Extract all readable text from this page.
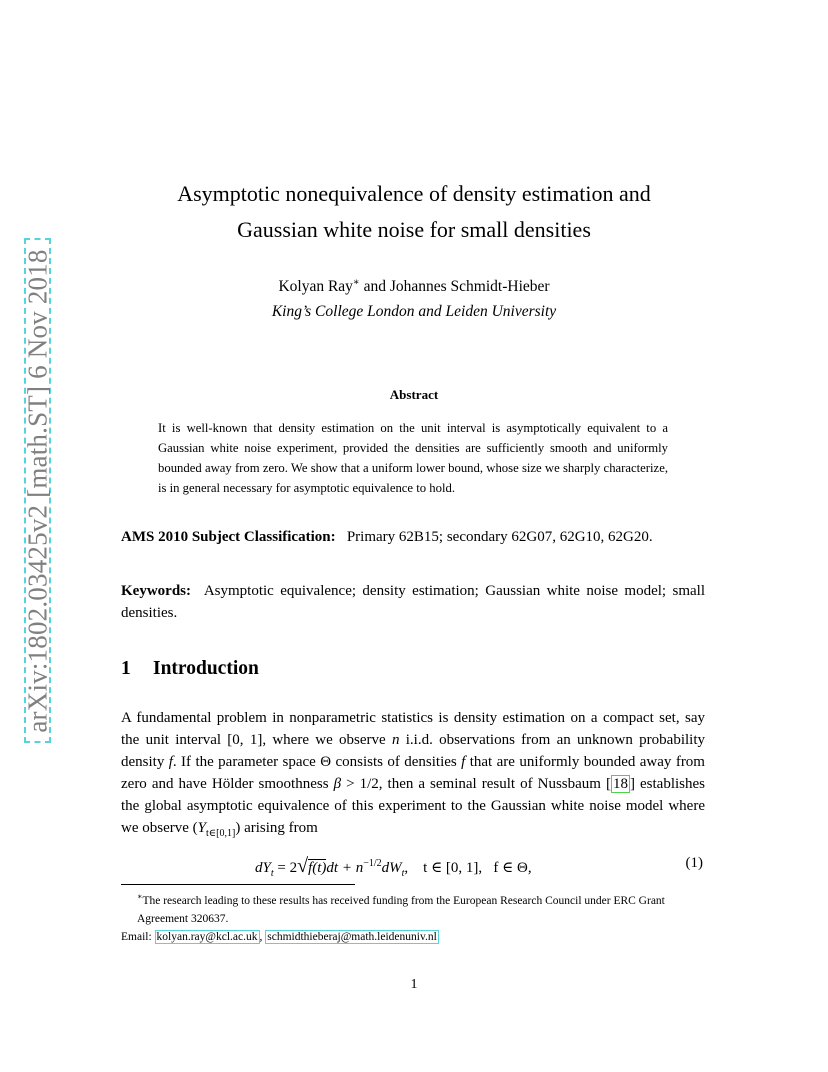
arXiv:1802.03425v2 [math.ST] 6 Nov 2018
Asymptotic nonequivalence of density estimation and
Gaussian white noise for small densities
Kolyan Ray∗ and Johannes Schmidt-Hieber
King’s College London and Leiden University
Abstract
It is well-known that density estimation on the unit interval is asymptotically equivalent to a Gaussian white noise experiment, provided the densities are sufficiently smooth and uniformly bounded away from zero. We show that a uniform lower bound, whose size we sharply characterize, is in general necessary for asymptotic equivalence to hold.
AMS 2010 Subject Classification: Primary 62B15; secondary 62G07, 62G10, 62G20.
Keywords: Asymptotic equivalence; density estimation; Gaussian white noise model; small densities.
1 Introduction
A fundamental problem in nonparametric statistics is density estimation on a compact set, say the unit interval [0, 1], where we observe n i.i.d. observations from an unknown probability density f. If the parameter space Θ consists of densities f that are uniformly bounded away from zero and have Hölder smoothness β > 1/2, then a seminal result of Nussbaum [ 18 ] establishes the global asymptotic equivalence of this experiment to the Gaussian white noise model where we observe $(Y_{t\in[0,1]})$ arising from
$dY_t = 2√f(t)dt + n^{-1/2}dW_t$,    t ∈ [0, 1],   f ∈ Θ,	(1)

∗The research leading to these results has received funding from the European Research Council under ERC Grant Agreement 320637.

Email: kolyan.ray@kcl.ac.uk , schmidthieberaj@math.leidenuniv.nl

1
